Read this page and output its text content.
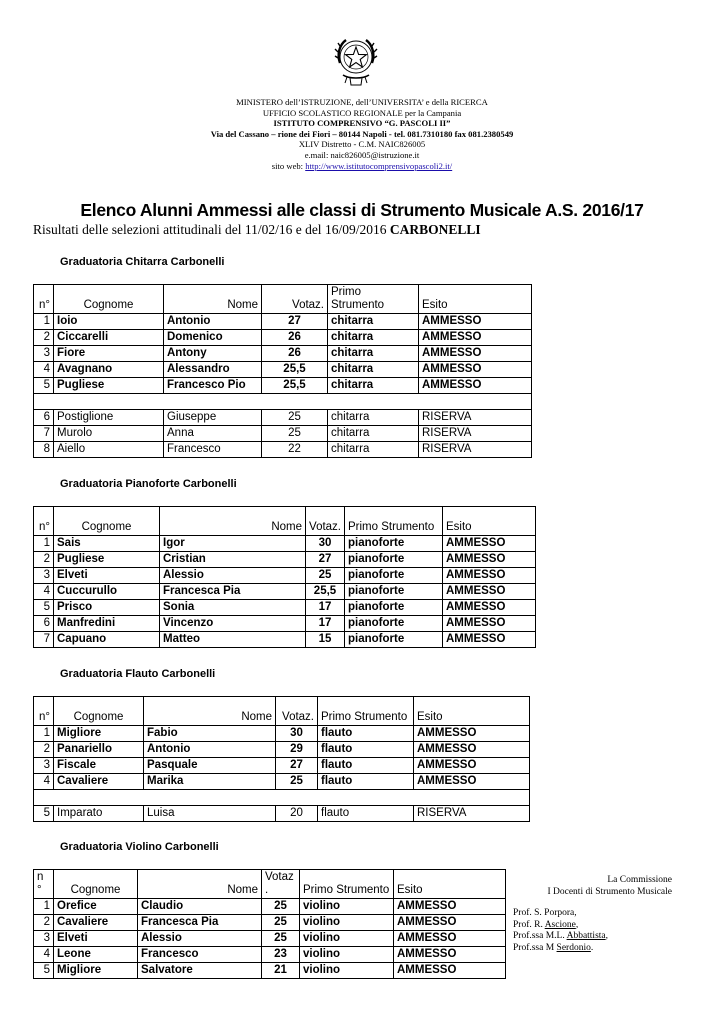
MINISTERO dell’ISTRUZIONE, dell’UNIVERSITA’ e della RICERCA
UFFICIO SCOLASTICO REGIONALE per la Campania
ISTITUTO COMPRENSIVO “G. PASCOLI II”
Via del Cassano – rione dei Fiori – 80144 Napoli - tel. 081.7310180 fax 081.2380549
XLIV Distretto - C.M. NAIC826005
e.mail: naic826005@istruzione.it
sito web: http://www.istitutocomprensivopascoli2.it/
Elenco Alunni Ammessi alle classi di Strumento Musicale A.S. 2016/17
Risultati delle selezioni attitudinali del 11/02/16 e del 16/09/2016 CARBONELLI
Graduatoria Chitarra Carbonelli
n°	Cognome	Nome	Votaz.	Primo Strumento	Esito
1	Ioio	Antonio	27	chitarra	AMMESSO
2	Ciccarelli	Domenico	26	chitarra	AMMESSO
3	Fiore	Antony	26	chitarra	AMMESSO
4	Avagnano	Alessandro	25,5	chitarra	AMMESSO
5	Pugliese	Francesco Pio	25,5	chitarra	AMMESSO

6	Postiglione	Giuseppe	25	chitarra	RISERVA
7	Murolo	Anna	25	chitarra	RISERVA
8	Aiello	Francesco	22	chitarra	RISERVA
Graduatoria Pianoforte Carbonelli
n°	Cognome	Nome	Votaz.	Primo Strumento	Esito
1	Sais	Igor	30	pianoforte	AMMESSO
2	Pugliese	Cristian	27	pianoforte	AMMESSO
3	Elveti	Alessio	25	pianoforte	AMMESSO
4	Cuccurullo	Francesca Pia	25,5	pianoforte	AMMESSO
5	Prisco	Sonia	17	pianoforte	AMMESSO
6	Manfredini	Vincenzo	17	pianoforte	AMMESSO
7	Capuano	Matteo	15	pianoforte	AMMESSO
Graduatoria Flauto Carbonelli
n°	Cognome	Nome	Votaz.	Primo Strumento	Esito
1	Migliore	Fabio	30	flauto	AMMESSO
2	Panariello	Antonio	29	flauto	AMMESSO
3	Fiscale	Pasquale	27	flauto	AMMESSO
4	Cavaliere	Marika	25	flauto	AMMESSO

5	Imparato	Luisa	20	flauto	RISERVA
Graduatoria Violino Carbonelli
n °	Cognome	Nome	Votaz .	Primo Strumento	Esito
1	Orefice	Claudio	25	violino	AMMESSO
2	Cavaliere	Francesca Pia	25	violino	AMMESSO
3	Elveti	Alessio	25	violino	AMMESSO
4	Leone	Francesco	23	violino	AMMESSO
5	Migliore	Salvatore	21	violino	AMMESSO
La Commissione
I Docenti di Strumento Musicale
Prof. S. Porpora,
Prof. R. Ascione,
Prof.ssa M.L. Abbattista,
Prof.ssa M Serdonio.
